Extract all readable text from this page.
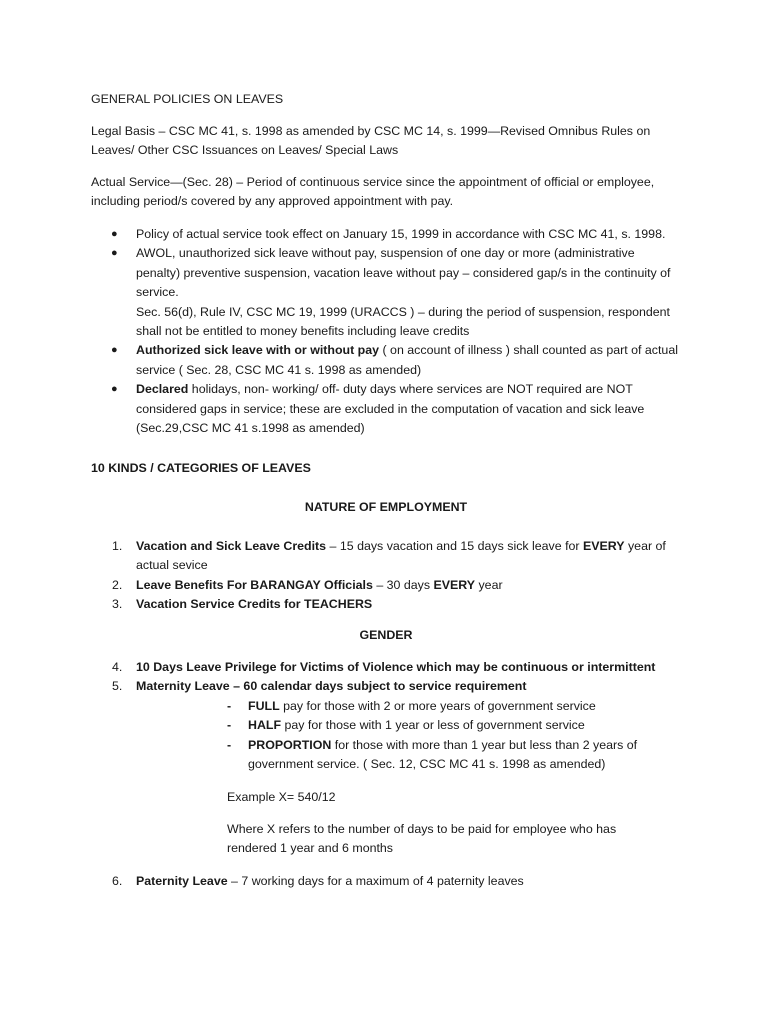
GENERAL POLICIES ON LEAVES

Legal Basis – CSC MC 41, s. 1998 as amended by CSC MC 14, s. 1999—Revised Omnibus Rules on Leaves/ Other CSC Issuances on Leaves/ Special Laws

Actual Service—(Sec. 28) – Period of continuous service since the appointment of official or employee, including period/s covered by any approved appointment with pay.

● Policy of actual service took effect on January 15, 1999 in accordance with CSC MC 41, s. 1998.
● AWOL, unauthorized sick leave without pay, suspension of one day or more (administrative penalty) preventive suspension, vacation leave without pay – considered gap/s in the continuity of service.
Sec. 56(d), Rule IV, CSC MC 19, 1999 (URACCS ) – during the period of suspension, respondent shall not be entitled to money benefits including leave credits
● Authorized sick leave with or without pay ( on account of illness ) shall counted as part of actual service ( Sec. 28, CSC MC 41 s. 1998 as amended)
● Declared holidays, non- working/ off- duty days where services are NOT required are NOT considered gaps in service; these are excluded in the computation of vacation and sick leave (Sec.29,CSC MC 41 s.1998 as amended)

10 KINDS / CATEGORIES OF LEAVES

NATURE OF EMPLOYMENT

1. Vacation and Sick Leave Credits – 15 days vacation and 15 days sick leave for EVERY year of actual sevice
2. Leave Benefits For BARANGAY Officials – 30 days EVERY year
3. Vacation Service Credits for TEACHERS

GENDER

4. 10 Days Leave Privilege for Victims of Violence which may be continuous or intermittent
5. Maternity Leave – 60 calendar days subject to service requirement
- FULL pay for those with 2 or more years of government service
- HALF pay for those with 1 year or less of government service
- PROPORTION for those with more than 1 year but less than 2 years of government service. ( Sec. 12, CSC MC 41 s. 1998 as amended)

Example X= 540/12

Where X refers to the number of days to be paid for employee who has rendered 1 year and 6 months

6. Paternity Leave – 7 working days for a maximum of 4 paternity leaves
